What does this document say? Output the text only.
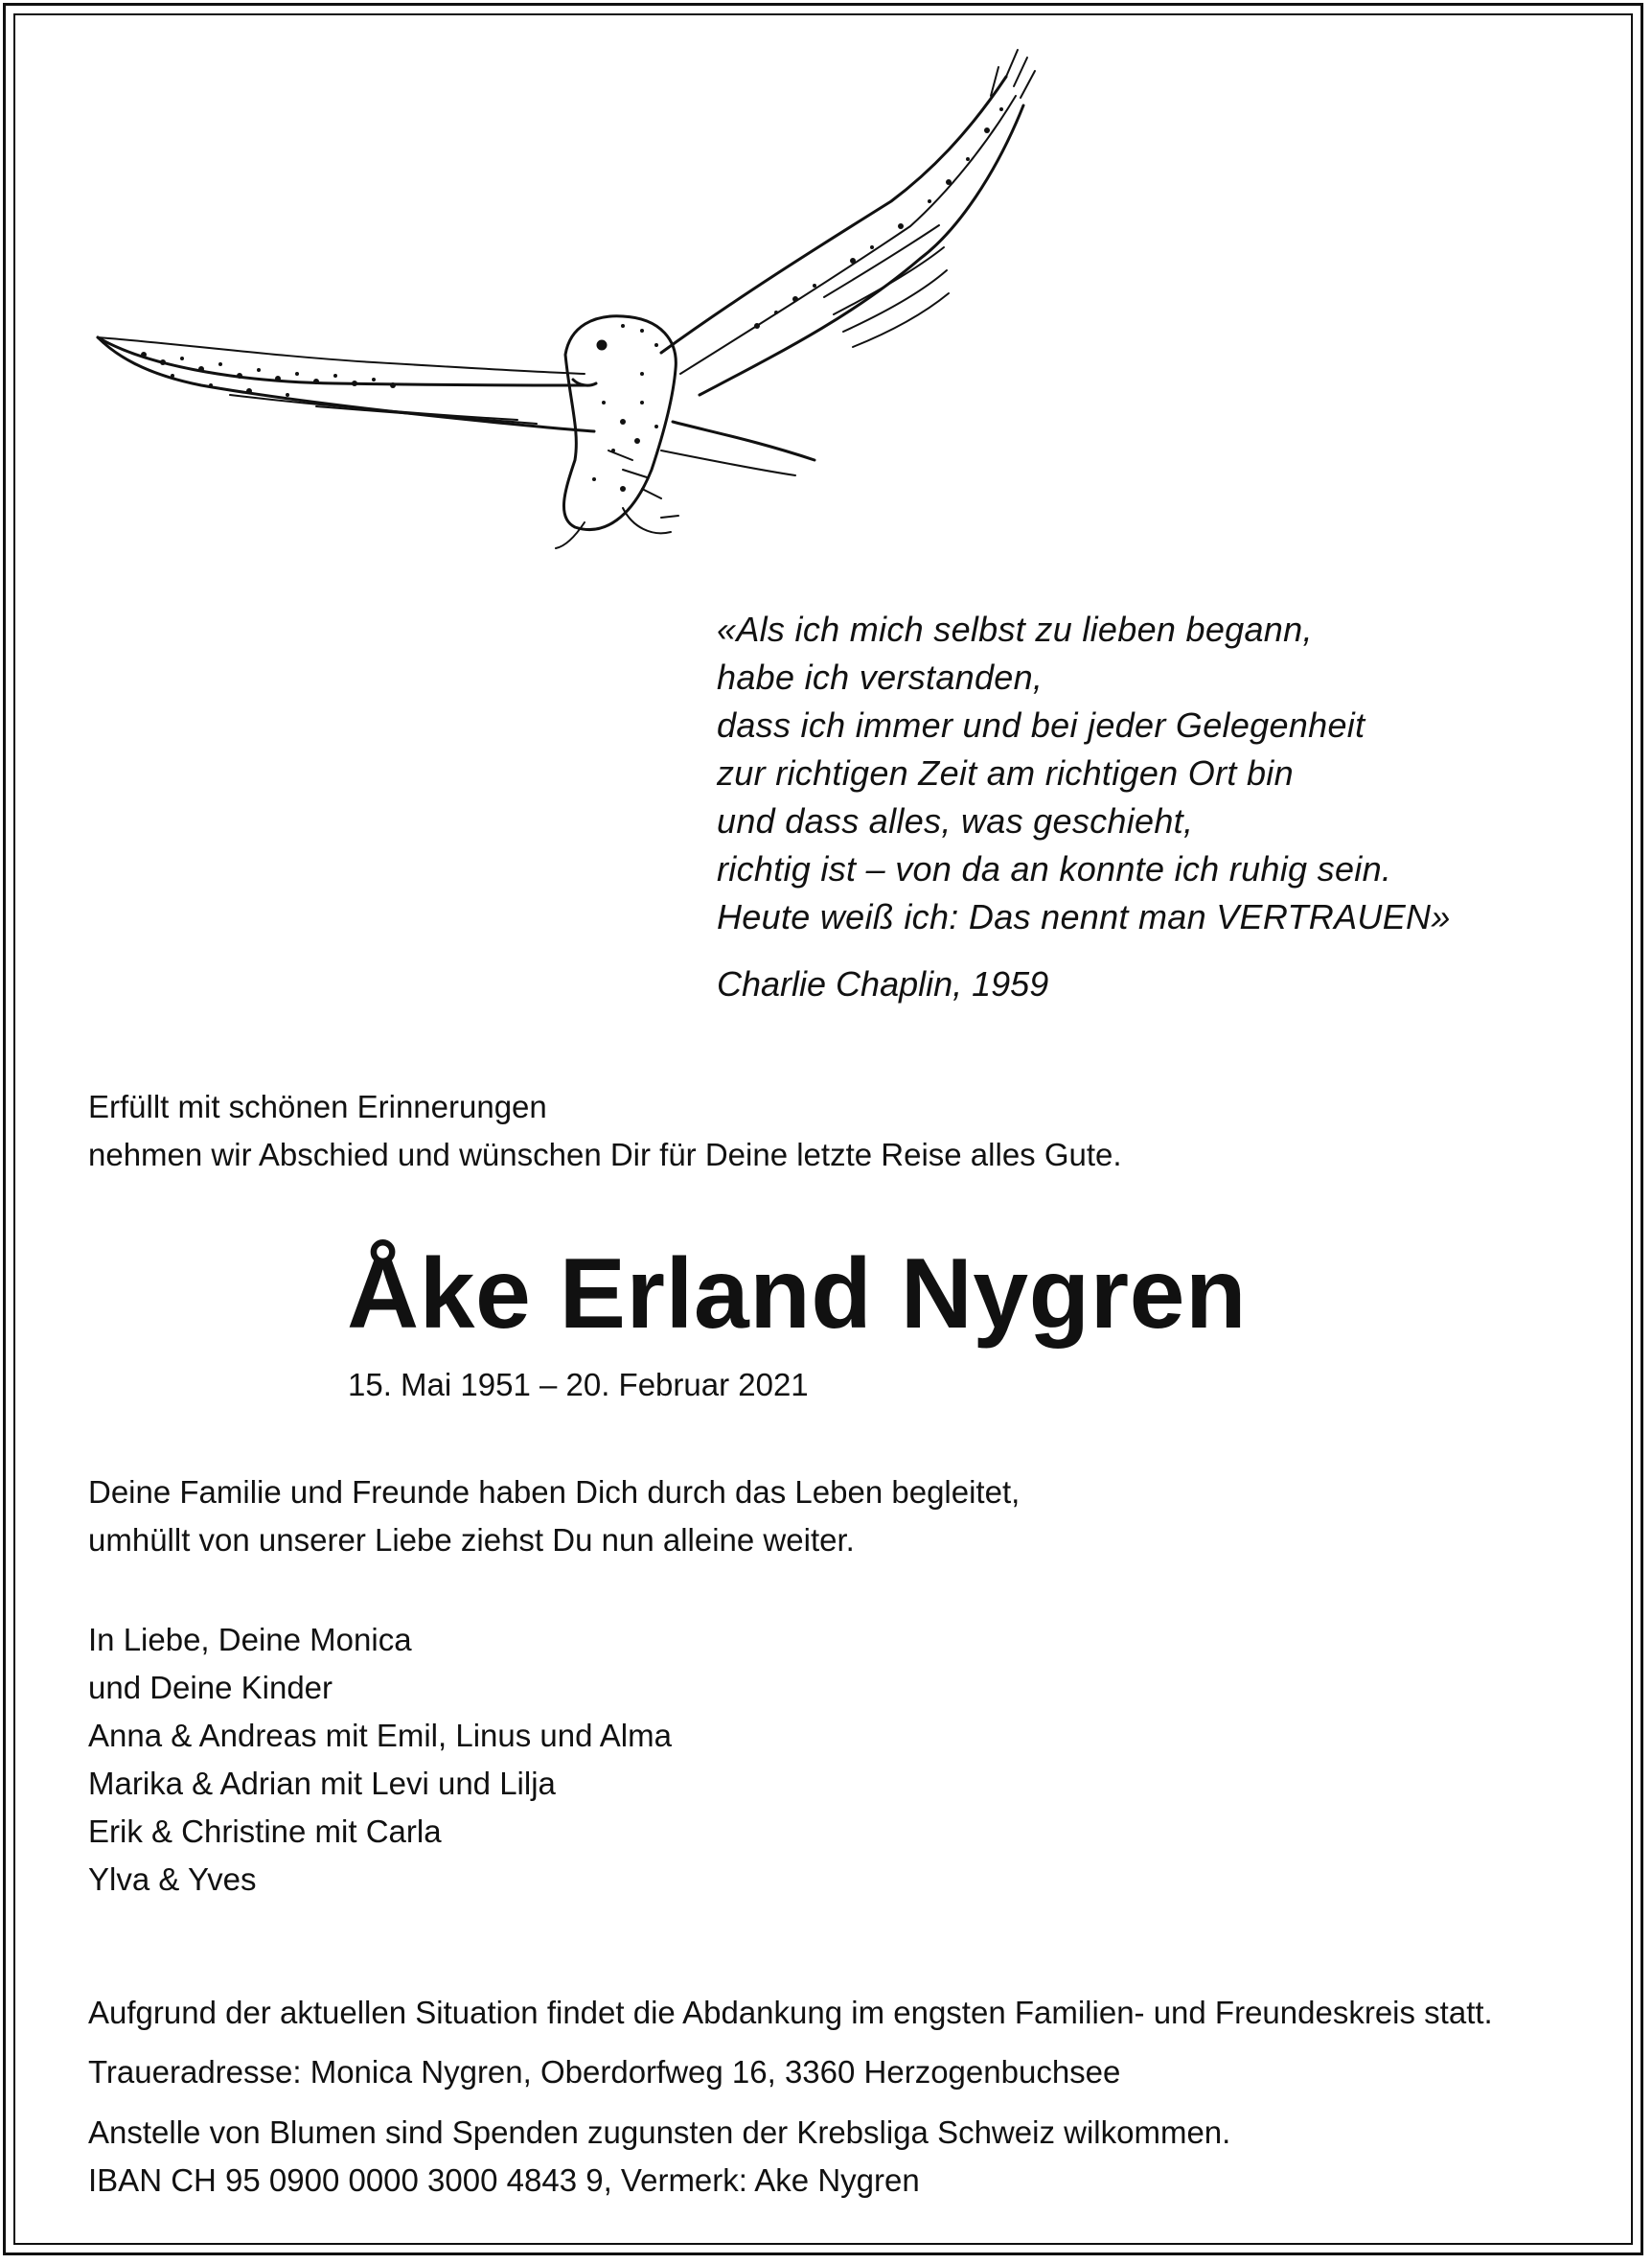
«Als ich mich selbst zu lieben begann,
habe ich verstanden,
dass ich immer und bei jeder Gelegenheit
zur richtigen Zeit am richtigen Ort bin
und dass alles, was geschieht,
richtig ist – von da an konnte ich ruhig sein.
Heute weiß ich: Das nennt man VERTRAUEN»
Charlie Chaplin, 1959
Erfüllt mit schönen Erinnerungen
nehmen wir Abschied und wünschen Dir für Deine letzte Reise alles Gute.
Åke Erland Nygren
15. Mai 1951 – 20. Februar 2021
Deine Familie und Freunde haben Dich durch das Leben begleitet,
umhüllt von unserer Liebe ziehst Du nun alleine weiter.
In Liebe, Deine Monica
und Deine Kinder
Anna & Andreas mit Emil, Linus und Alma
Marika & Adrian mit Levi und Lilja
Erik & Christine mit Carla
Ylva & Yves
Aufgrund der aktuellen Situation findet die Abdankung im engsten Familien- und Freundeskreis statt.
Traueradresse: Monica Nygren, Oberdorfweg 16, 3360 Herzogenbuchsee
Anstelle von Blumen sind Spenden zugunsten der Krebsliga Schweiz wilkommen.
IBAN CH 95 0900 0000 3000 4843 9, Vermerk: Ake Nygren
